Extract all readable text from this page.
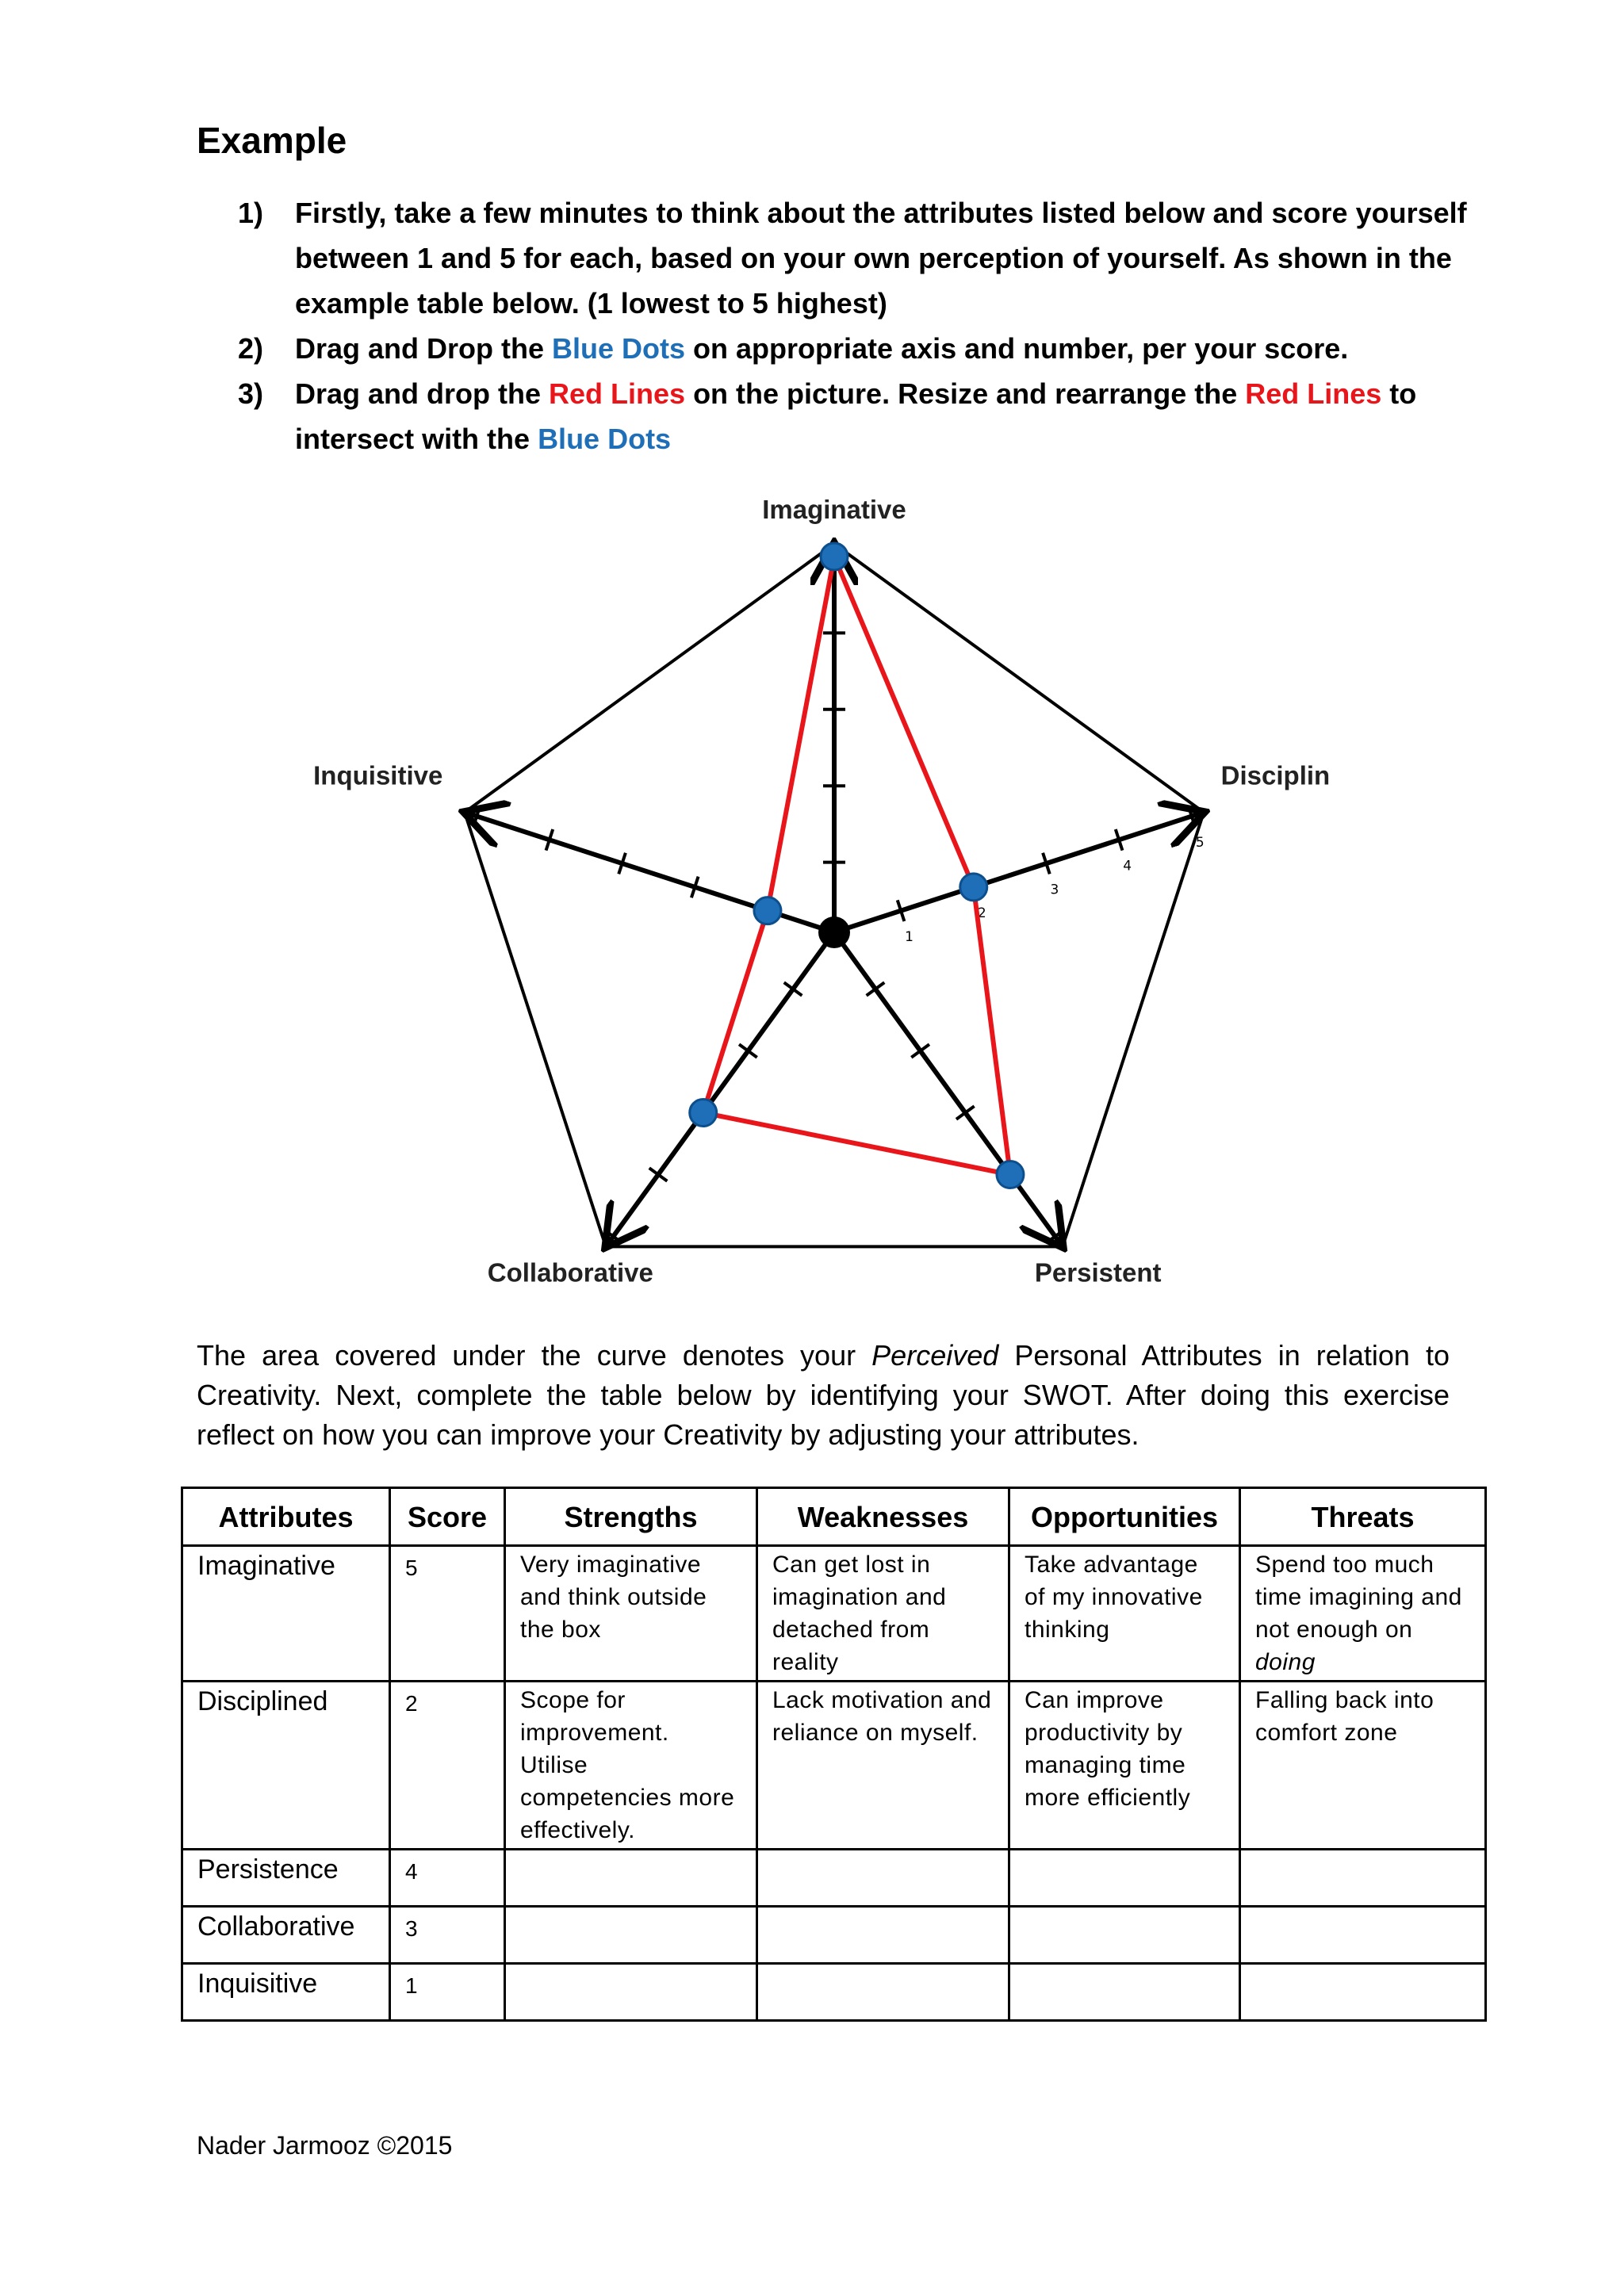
Example
1) Firstly, take a few minutes to think about the attributes listed below and score yourself between 1 and 5 for each, based on your own perception of yourself. As shown in the example table below. (1 lowest to 5 highest)
2) Drag and Drop the Blue Dots on appropriate axis and number, per your score.
3) Drag and drop the Red Lines on the picture. Resize and rearrange the Red Lines to intersect with the Blue Dots
1
2
3
4
5
Imaginative
Disciplin
Persistent
Collaborative
Inquisitive
The area covered under the curve denotes your Perceived Personal Attributes in relation to Creativity. Next, complete the table below by identifying your SWOT. After doing this exercise reflect on how you can improve your Creativity by adjusting your attributes.
Attributes	Score	Strengths	Weaknesses	Opportunities	Threats
Imaginative	5	Very imaginative and think outside the box	Can get lost in imagination and detached from reality	Take advantage of my innovative thinking	Spend too much time imagining and not enough on doing
Disciplined	2	Scope for improvement. Utilise competencies more effectively.	Lack motivation and reliance on myself.	Can improve productivity by managing time more efficiently	Falling back into comfort zone
Persistence	4				
Collaborative	3				
Inquisitive	1				
Nader Jarmooz ©2015
